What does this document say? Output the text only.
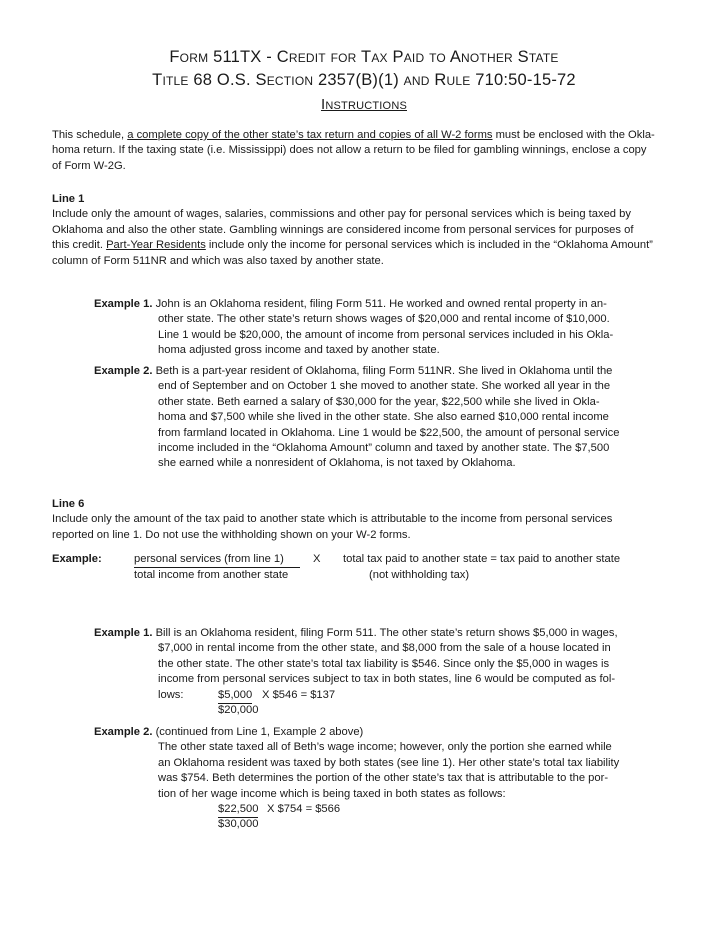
Form 511TX - Credit for Tax Paid to Another State
Title 68 O.S. Section 2357(B)(1) and Rule 710:50-15-72
Instructions

This schedule, a complete copy of the other state’s tax return and copies of all W-2 forms must be enclosed with the Okla-

homa return. If the taxing state (i.e. Mississippi) does not allow a return to be filed for gambling winnings, enclose a copy

of Form W-2G.

Line 1

Include only the amount of wages, salaries, commissions and other pay for personal services which is being taxed by

Oklahoma and also the other state. Gambling winnings are considered income from personal services for purposes of

this credit. Part-Year Residents include only the income for personal services which is included in the “Oklahoma Amount”

column of Form 511NR and which was also taxed by another state.

Example 1. John is an Oklahoma resident, filing Form 511. He worked and owned rental property in an-

other state. The other state’s return shows wages of $20,000 and rental income of $10,000.

Line 1 would be $20,000, the amount of income from personal services included in his Okla-

homa adjusted gross income and taxed by another state.

Example 2. Beth is a part-year resident of Oklahoma, filing Form 511NR. She lived in Oklahoma until the

end of September and on October 1 she moved to another state. She worked all year in the

other state. Beth earned a salary of $30,000 for the year, $22,500 while she lived in Okla-

homa and $7,500 while she lived in the other state. She also earned $10,000 rental income

from farmland located in Oklahoma. Line 1 would be $22,500, the amount of personal service

income included in the “Oklahoma Amount” column and taxed by another state. The $7,500

she earned while a nonresident of Oklahoma, is not taxed by Oklahoma.

Line 6

Include only the amount of the tax paid to another state which is attributable to the income from personal services

reported on line 1. Do not use the withholding shown on your W-2 forms.

Example:	personal services (from line 1)
total income from another state
X total tax paid to another state = tax paid to another state
(not withholding tax)

Example 1. Bill is an Oklahoma resident, filing Form 511. The other state’s return shows $5,000 in wages,

$7,000 in rental income from the other state, and $8,000 from the sale of a house located in

the other state. The other state’s total tax liability is $546. Since only the $5,000 in wages is

income from personal services subject to tax in both states, line 6 would be computed as fol-

lows:	$5,000 X $546 = $137
$20,000

Example 2. (continued from Line 1, Example 2 above)

The other state taxed all of Beth’s wage income; however, only the portion she earned while

an Oklahoma resident was taxed by both states (see line 1). Her other state’s total tax liability

was $754. Beth determines the portion of the other state’s tax that is attributable to the por-

tion of her wage income which is being taxed in both states as follows:

$22,500 X $754 = $566
$30,000
